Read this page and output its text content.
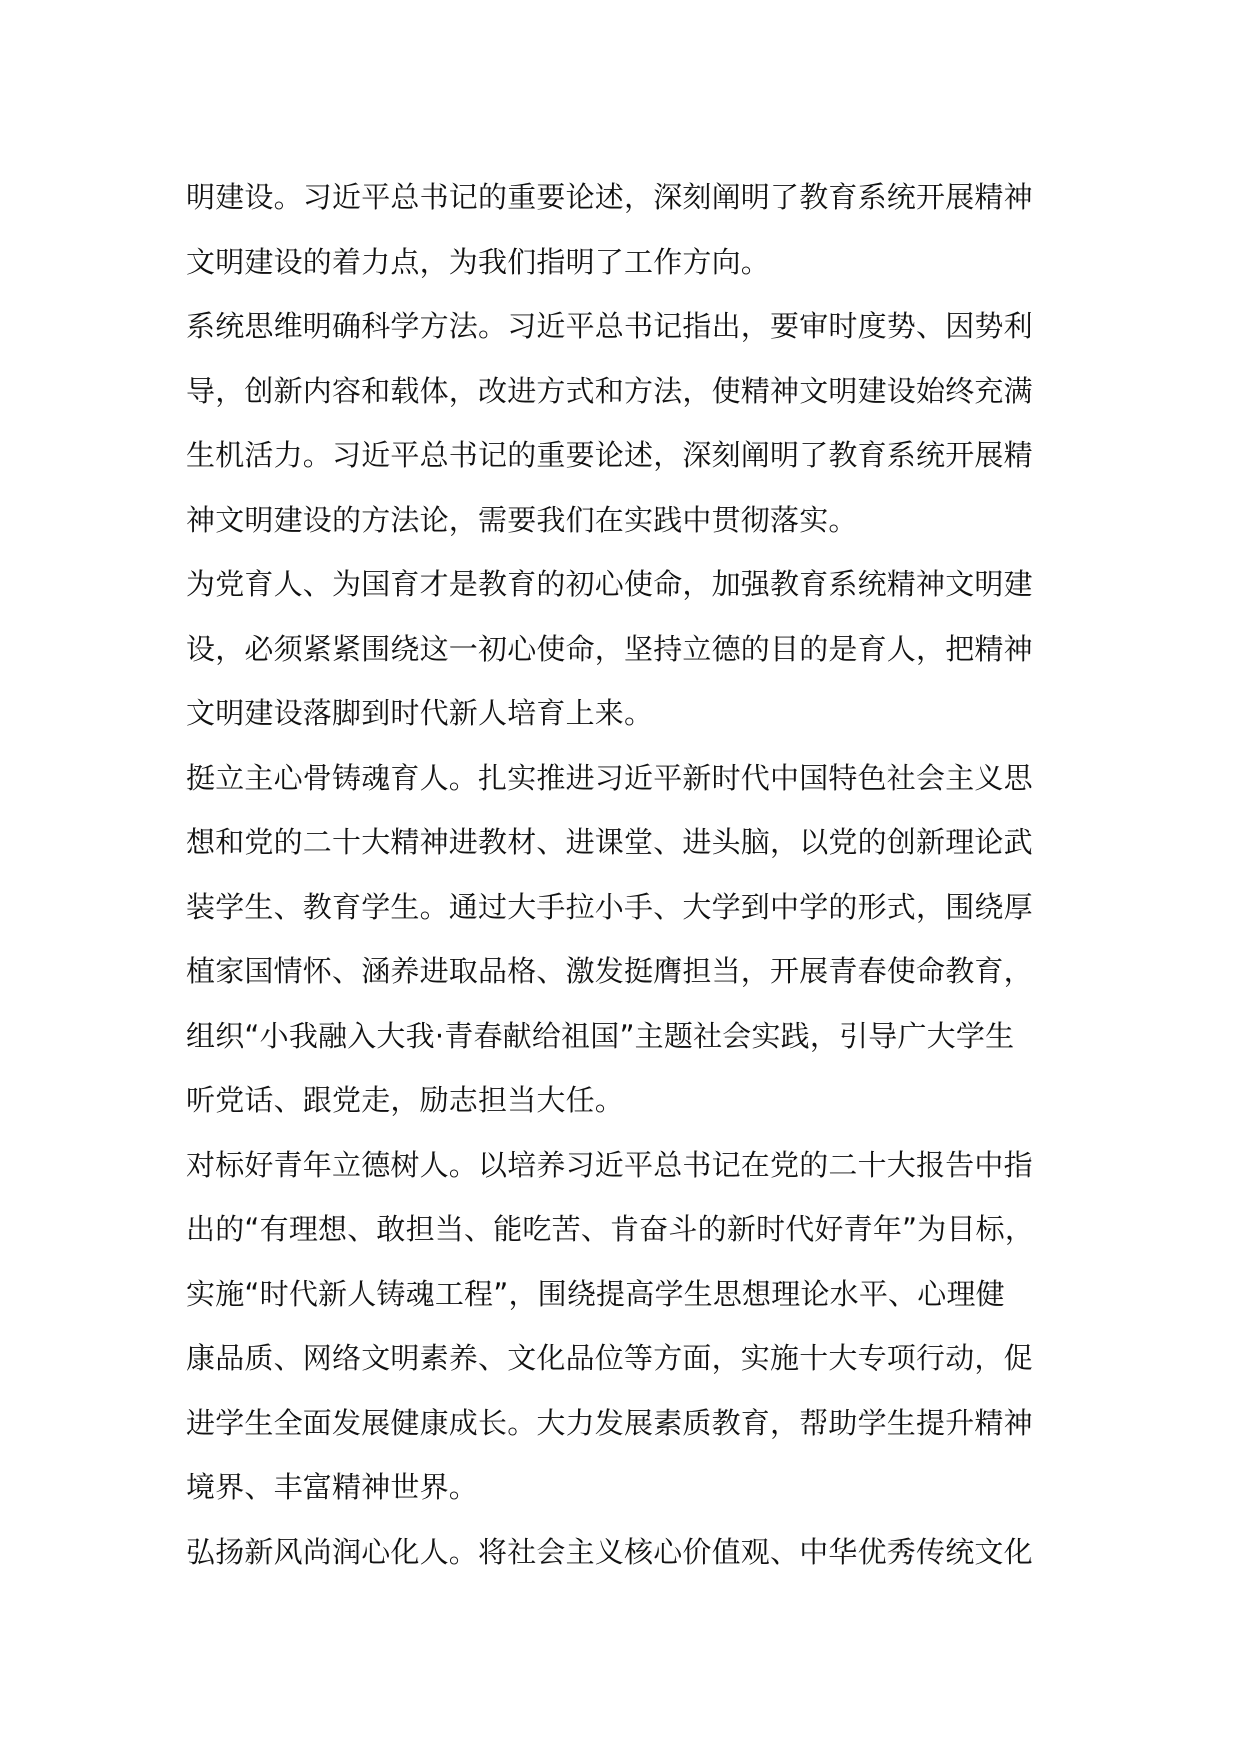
明建设。习近平总书记的重要论述，深刻阐明了教育系统开展精神
文明建设的着力点，为我们指明了工作方向。
系统思维明确科学方法。习近平总书记指出，要审时度势、因势利
导，创新内容和载体，改进方式和方法，使精神文明建设始终充满
生机活力。习近平总书记的重要论述，深刻阐明了教育系统开展精
神文明建设的方法论，需要我们在实践中贯彻落实。
为党育人、为国育才是教育的初心使命，加强教育系统精神文明建
设，必须紧紧围绕这一初心使命，坚持立德的目的是育人，把精神
文明建设落脚到时代新人培育上来。
挺立主心骨铸魂育人。扎实推进习近平新时代中国特色社会主义思
想和党的二十大精神进教材、进课堂、进头脑，以党的创新理论武
装学生、教育学生。通过大手拉小手、大学到中学的形式，围绕厚
植家国情怀、涵养进取品格、激发挺膺担当，开展青春使命教育，
组织“小我融入大我·青春献给祖国”主题社会实践，引导广大学生
听党话、跟党走，励志担当大任。
对标好青年立德树人。以培养习近平总书记在党的二十大报告中指
出的“有理想、敢担当、能吃苦、肯奋斗的新时代好青年”为目标，
实施“时代新人铸魂工程”，围绕提高学生思想理论水平、心理健
康品质、网络文明素养、文化品位等方面，实施十大专项行动，促
进学生全面发展健康成长。大力发展素质教育，帮助学生提升精神
境界、丰富精神世界。
弘扬新风尚润心化人。将社会主义核心价值观、中华优秀传统文化
